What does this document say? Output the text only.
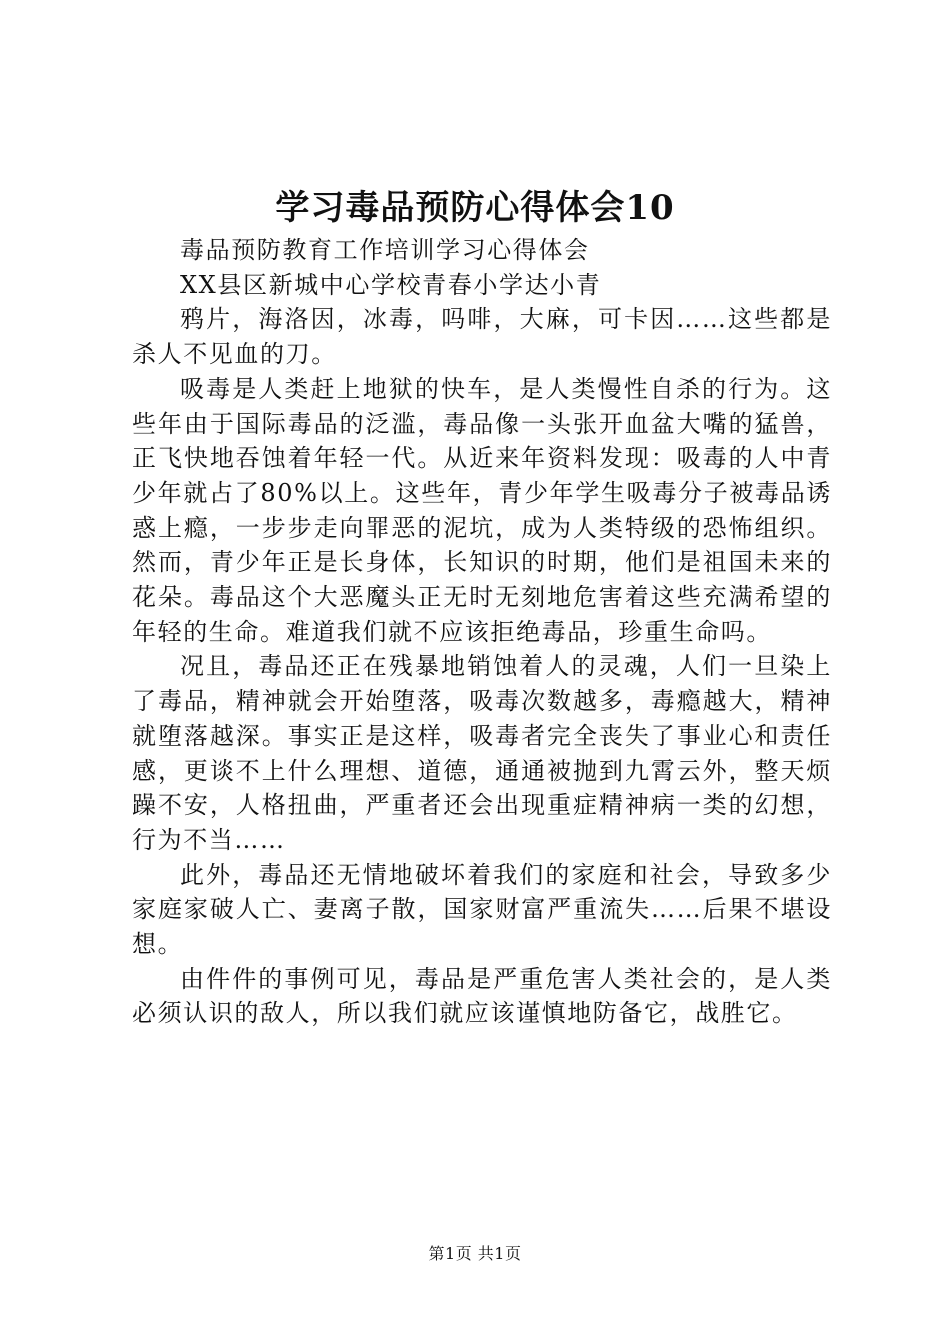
学习毒品预防心得体会10

毒品预防教育工作培训学习心得体会

XX县区新城中心学校青春小学达小青

鸦片，海洛因，冰毒，吗啡，大麻，可卡因……这些都是杀人不见血的刀。

吸毒是人类赶上地狱的快车，是人类慢性自杀的行为。这些年由于国际毒品的泛滥，毒品像一头张开血盆大嘴的猛兽，正飞快地吞蚀着年轻一代。从近来年资料发现：吸毒的人中青少年就占了80%以上。这些年，青少年学生吸毒分子被毒品诱惑上瘾，一步步走向罪恶的泥坑，成为人类特级的恐怖组织。然而，青少年正是长身体，长知识的时期，他们是祖国未来的花朵。毒品这个大恶魔头正无时无刻地危害着这些充满希望的年轻的生命。难道我们就不应该拒绝毒品，珍重生命吗。

况且，毒品还正在残暴地销蚀着人的灵魂，人们一旦染上了毒品，精神就会开始堕落，吸毒次数越多，毒瘾越大，精神就堕落越深。事实正是这样，吸毒者完全丧失了事业心和责任感，更谈不上什么理想、道德，通通被抛到九霄云外，整天烦躁不安，人格扭曲，严重者还会出现重症精神病一类的幻想，行为不当……

此外，毒品还无情地破坏着我们的家庭和社会，导致多少家庭家破人亡、妻离子散，国家财富严重流失……后果不堪设想。

由件件的事例可见，毒品是严重危害人类社会的，是人类必须认识的敌人，所以我们就应该谨慎地防备它，战胜它。

第1页 共1页
